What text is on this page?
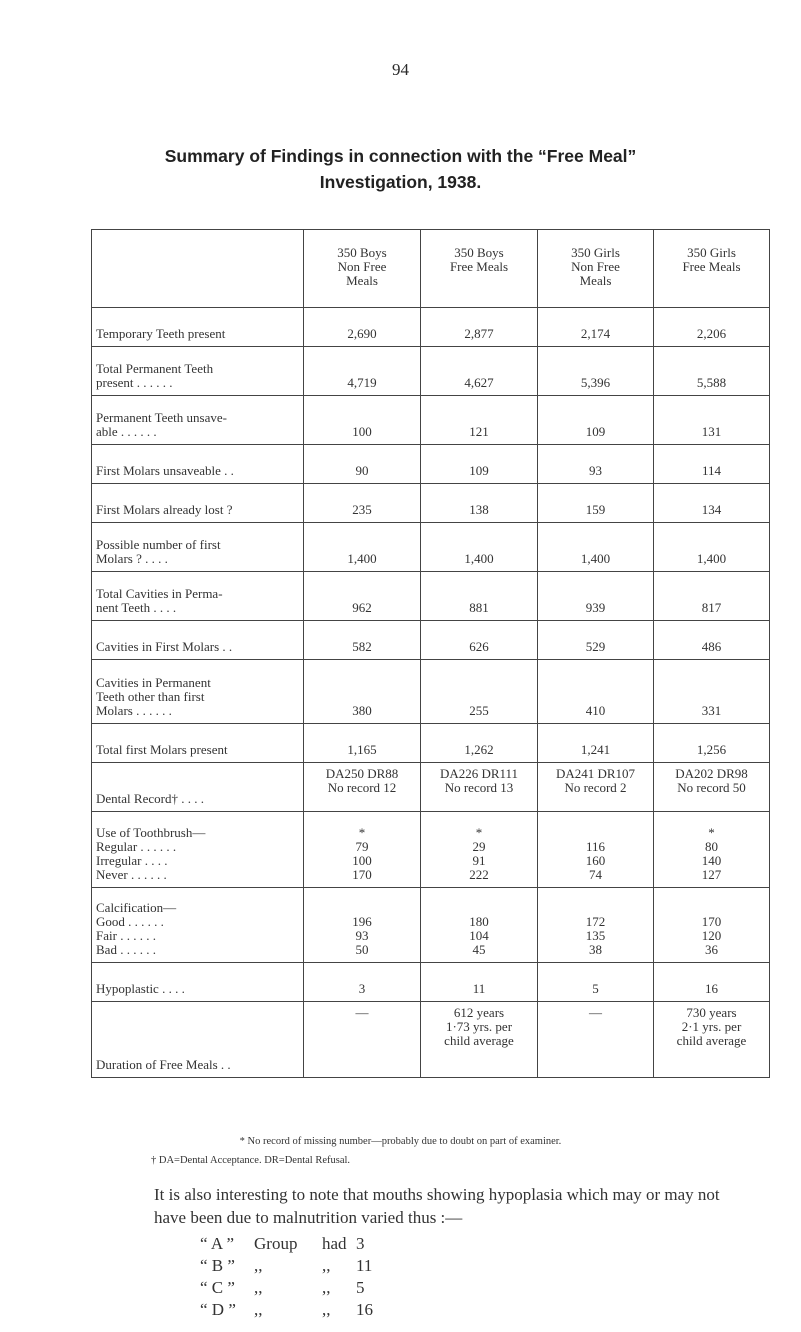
94
Summary of Findings in connection with the “Free Meal”
Investigation, 1938.

	350 Boys
Non Free
Meals	350 Boys
Free Meals	350 Girls
Non Free
Meals	350 Girls
Free Meals

Temporary Teeth present	2,690	2,877	2,174	2,206

Total Permanent Teeth
present . . . . . .	4,719	4,627	5,396	5,588

Permanent Teeth unsave-
able . . . . . .	100	121	109	131

First Molars unsaveable . .	90	109	93	114

First Molars already lost ?	235	138	159	134

Possible number of first
Molars ? . . . .	1,400	1,400	1,400	1,400

Total Cavities in Perma-
nent Teeth . . . .	962	881	939	817

Cavities in First Molars . .	582	626	529	486

Cavities in Permanent
Teeth other than first
Molars . . . . . .	380	255	410	331

Total first Molars present	1,165	1,262	1,241	1,256

Dental Record† . . . .	DA250 DR88
No record 12	DA226 DR111
No record 13	DA241 DR107
No record 2	DA202 DR98
No record 50

Use of Toothbrush—
Regular . . . . . .
Irregular . . . .
Never . . . . . .	*
79
100
170	*
29
91
222	116
160
74	*
80
140
127

Calcification—
Good . . . . . .
Fair . . . . . .
Bad . . . . . .	196
93
50	180
104
45	172
135
38	170
120
36

Hypoplastic . . . .	3	11	5	16

Duration of Free Meals . .	—	612 years
1·73 yrs. per
child average	—	730 years
2·1 yrs. per
child average
* No record of missing number—probably due to doubt on part of examiner.
† DA=Dental Acceptance. DR=Dental Refusal.
It is also interesting to note that mouths showing hypoplasia which may or may not have been due to malnutrition varied thus :—
“ A ” Group had 3
“ B ” ,,	,, 11
“ C ” ,,	,, 5
“ D ” ,,	,, 16
